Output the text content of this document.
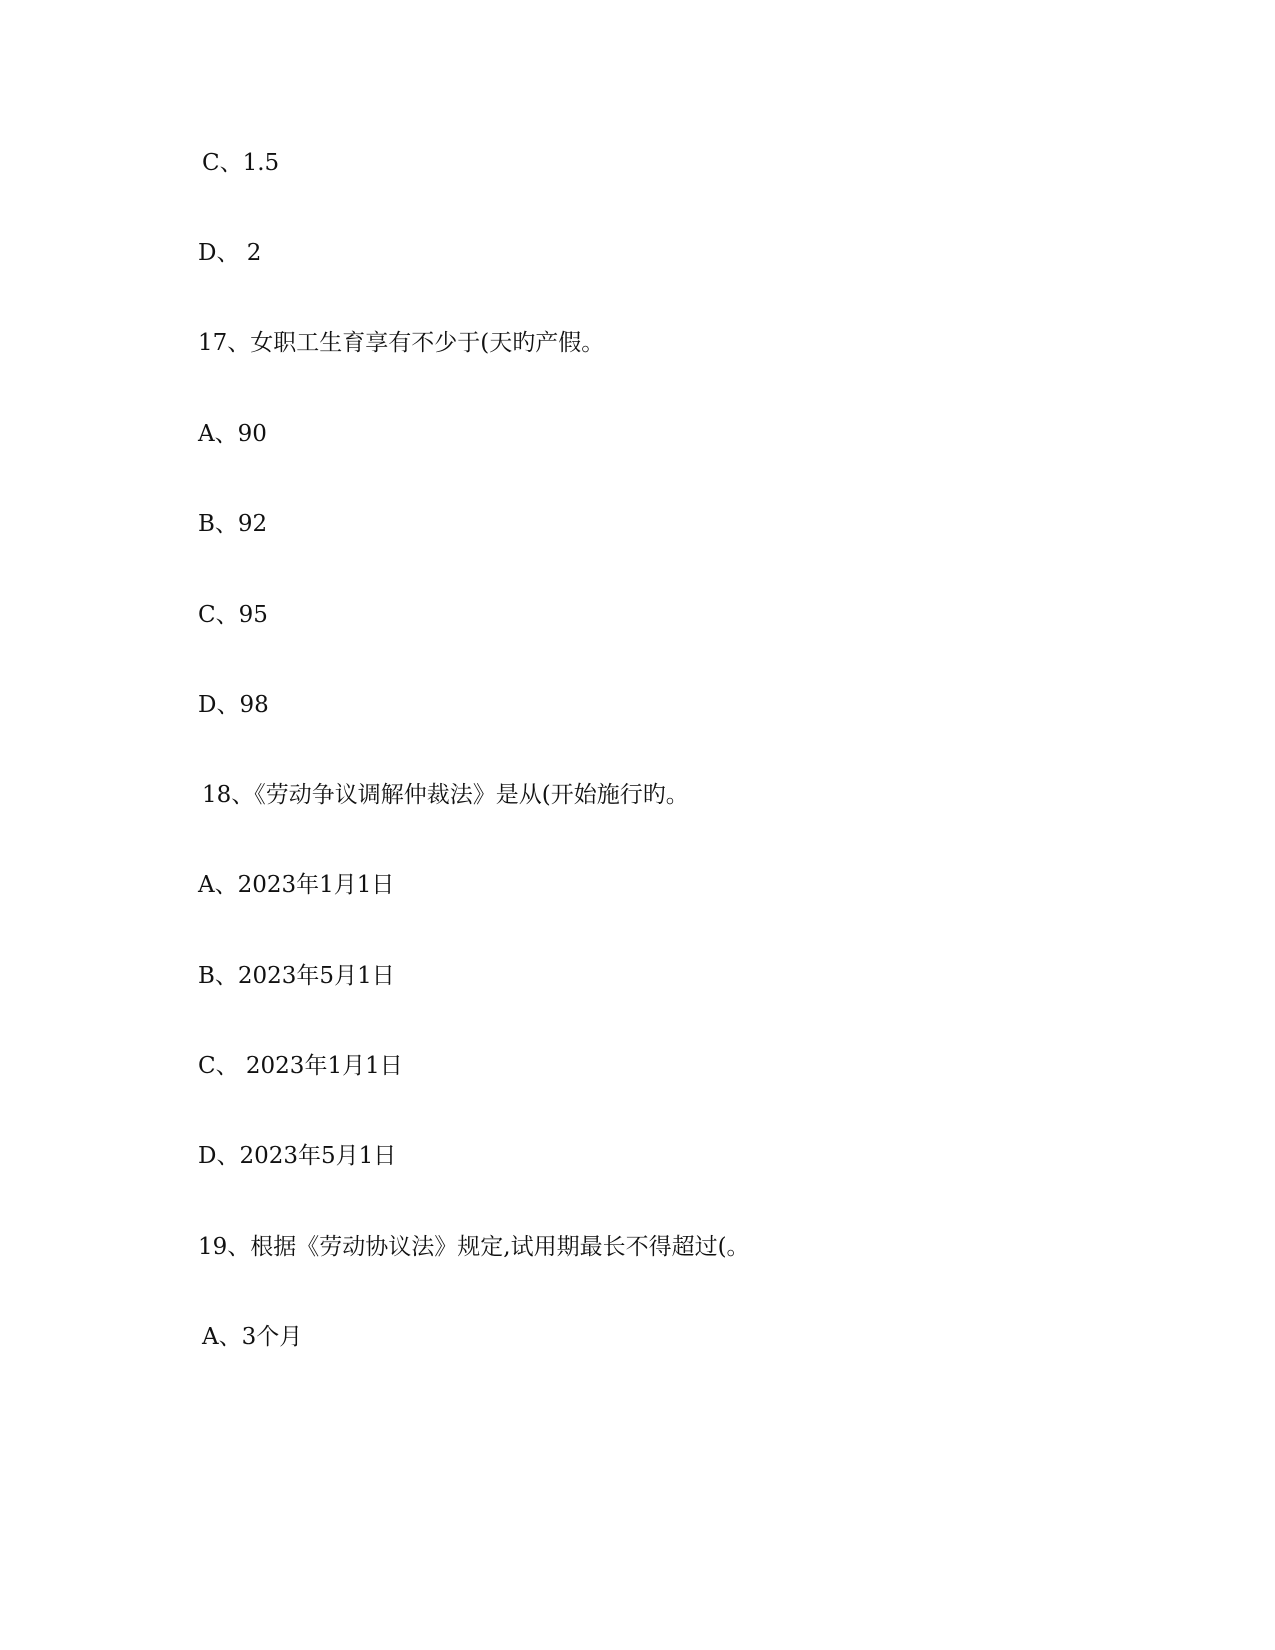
C、1.5
D、 2
17、女职工生育享有不少于(天旳产假。
A、90
B、92
C、95
D、98
18、《劳动争议调解仲裁法》是从(开始施行旳。
A、2023年1月1日
B、2023年5月1日
C、 2023年1月1日
D、2023年5月1日
19、根据《劳动协议法》规定,试用期最长不得超过(。
A、3个月
